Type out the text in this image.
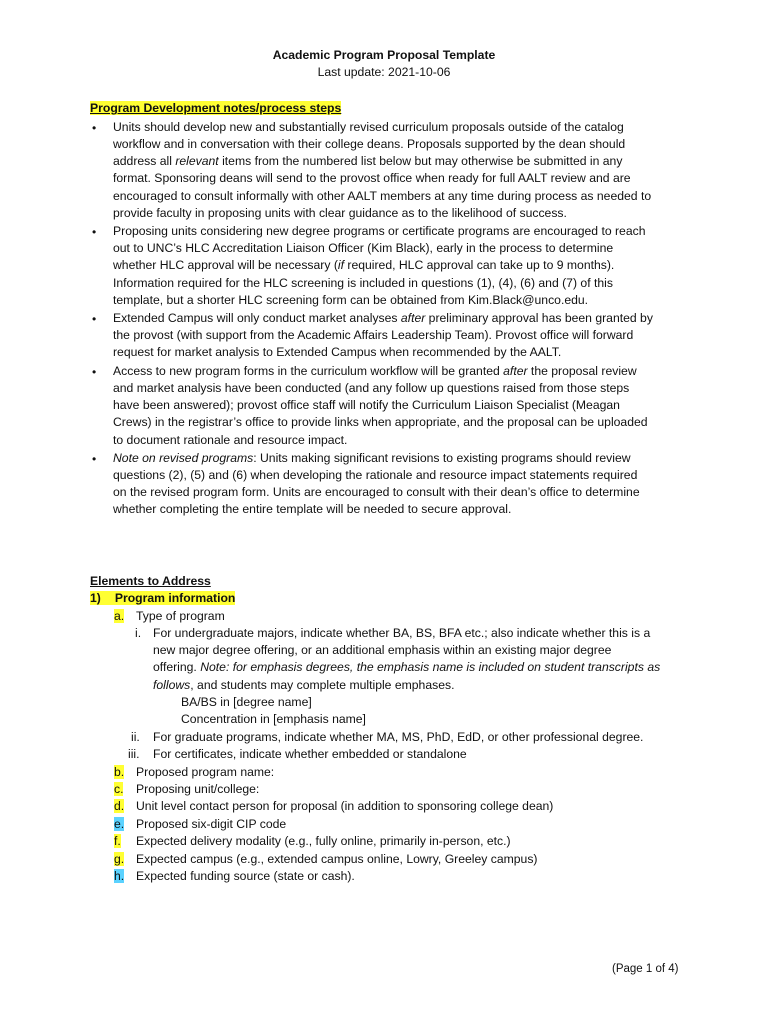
Academic Program Proposal Template
Last update: 2021-10-06
Program Development notes/process steps
• Units should develop new and substantially revised curriculum proposals outside of the catalog
workflow and in conversation with their college deans. Proposals supported by the dean should
address all relevant items from the numbered list below but may otherwise be submitted in any
format. Sponsoring deans will send to the provost office when ready for full AALT review and are
encouraged to consult informally with other AALT members at any time during process as needed to
provide faculty in proposing units with clear guidance as to the likelihood of success.
• Proposing units considering new degree programs or certificate programs are encouraged to reach
out to UNC’s HLC Accreditation Liaison Officer (Kim Black), early in the process to determine
whether HLC approval will be necessary (if required, HLC approval can take up to 9 months).
Information required for the HLC screening is included in questions (1), (4), (6) and (7) of this
template, but a shorter HLC screening form can be obtained from Kim.Black@unco.edu.
• Extended Campus will only conduct market analyses after preliminary approval has been granted by
the provost (with support from the Academic Affairs Leadership Team). Provost office will forward
request for market analysis to Extended Campus when recommended by the AALT.
• Access to new program forms in the curriculum workflow will be granted after the proposal review
and market analysis have been conducted (and any follow up questions raised from those steps
have been answered); provost office staff will notify the Curriculum Liaison Specialist (Meagan
Crews) in the registrar’s office to provide links when appropriate, and the proposal can be uploaded
to document rationale and resource impact.
• Note on revised programs: Units making significant revisions to existing programs should review
questions (2), (5) and (6) when developing the rationale and resource impact statements required
on the revised program form. Units are encouraged to consult with their dean’s office to determine
whether completing the entire template will be needed to secure approval.
Elements to Address
1) Program information
a. Type of program
i. For undergraduate majors, indicate whether BA, BS, BFA etc.; also indicate whether this is a
new major degree offering, or an additional emphasis within an existing major degree
offering. Note: for emphasis degrees, the emphasis name is included on student transcripts as
follows, and students may complete multiple emphases.
BA/BS in [degree name]
Concentration in [emphasis name]
ii. For graduate programs, indicate whether MA, MS, PhD, EdD, or other professional degree.
iii. For certificates, indicate whether embedded or standalone
b. Proposed program name:
c. Proposing unit/college:
d. Unit level contact person for proposal (in addition to sponsoring college dean)
e. Proposed six-digit CIP code
f. Expected delivery modality (e.g., fully online, primarily in-person, etc.)
g. Expected campus (e.g., extended campus online, Lowry, Greeley campus)
h. Expected funding source (state or cash).
(Page 1 of 4)
